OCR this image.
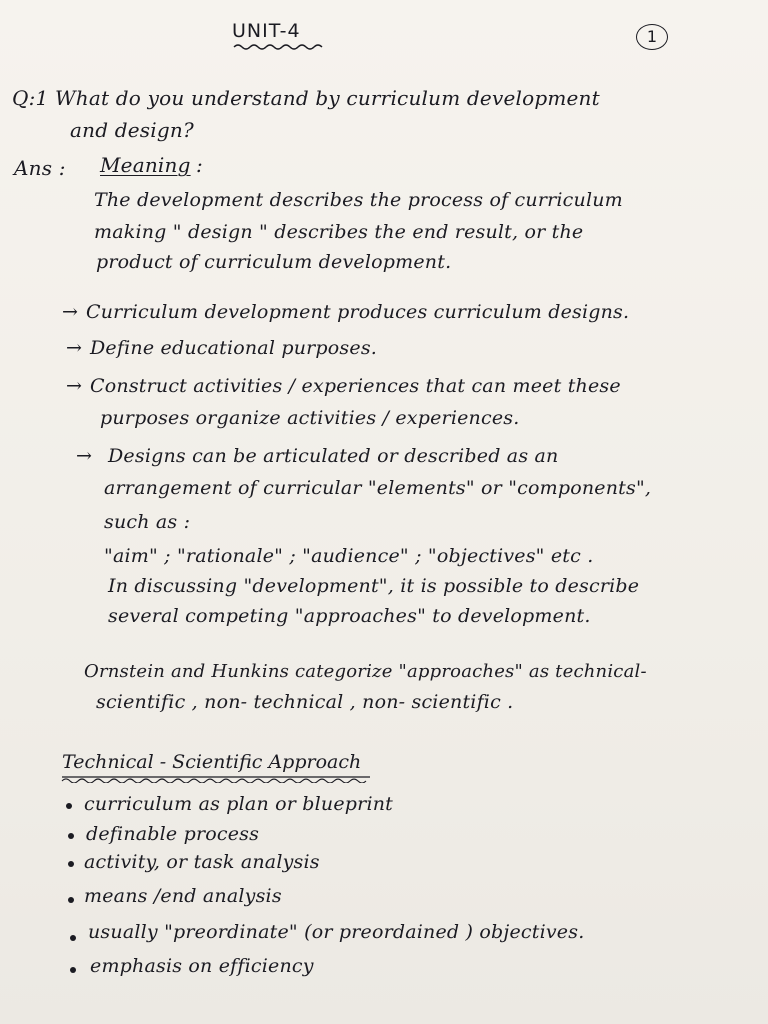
UNIT-4	1
Q:1 What do you understand by curriculum development
and design?
Ans : Meaning :
The development describes the process of curriculum
making " design " describes the end result, or the
product of curriculum development.
→ Curriculum development produces curriculum designs.
→ Define educational purposes.
→ Construct activities / experiences that can meet these
purposes organize activities / experiences.
→ Designs can be articulated or described as an
arrangement of curricular "elements" or "components",
such as :
"aim" ; "rationale" ; "audience" ; "objectives" etc .
In discussing "development", it is possible to describe
several competing "approaches" to development.
Ornstein and Hunkins categorize "approaches" as technical-
scientific , non- technical , non- scientific .
Technical - Scientific Approach
curriculum as plan or blueprint
definable process
activity, or task analysis
means /end analysis
usually "preordinate" (or preordained ) objectives.
emphasis on efficiency
